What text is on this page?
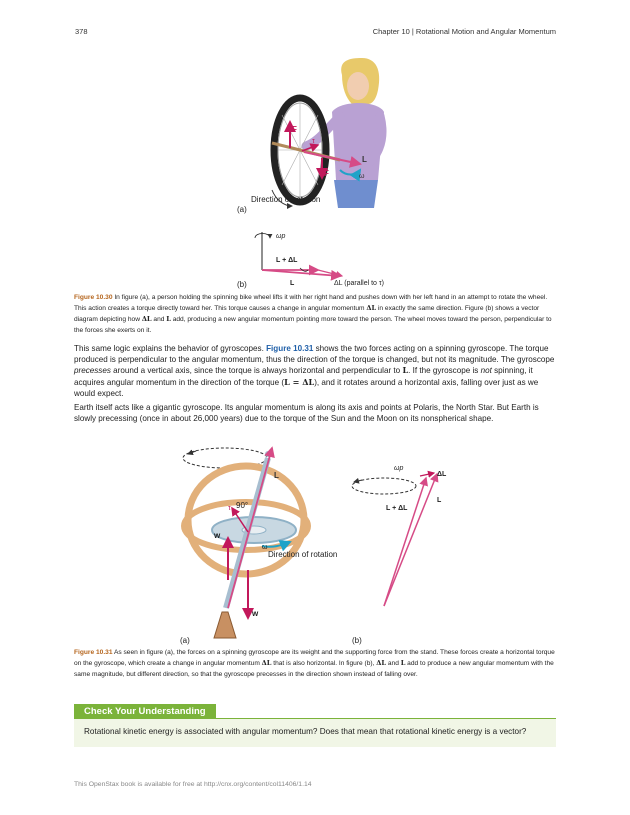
378	Chapter 10 | Rotational Motion and Angular Momentum
F
τ
F
L
ω
Direction of rotation
(a)
ωp
L + ΔL
L	ΔL (parallel to τ)
(b)
Figure 10.30 In figure (a), a person holding the spinning bike wheel lifts it with her right hand and pushes down with her left hand in an attempt to rotate the wheel. This action creates a torque directly toward her. This torque causes a change in angular momentum ΔL in exactly the same direction. Figure (b) shows a vector diagram depicting how ΔL and L add, producing a new angular momentum pointing more toward the person. The wheel moves toward the person, perpendicular to the forces she exerts on it.
This same logic explains the behavior of gyroscopes. Figure 10.31 shows the two forces acting on a spinning gyroscope. The torque produced is perpendicular to the angular momentum, thus the direction of the torque is changed, but not its magnitude. The gyroscope precesses around a vertical axis, since the torque is always horizontal and perpendicular to L. If the gyroscope is not spinning, it acquires angular momentum in the direction of the torque (L = ΔL), and it rotates around a horizontal axis, falling over just as we would expect.
Earth itself acts like a gigantic gyroscope. Its angular momentum is along its axis and points at Polaris, the North Star. But Earth is slowly precessing (once in about 26,000 years) due to the torque of the Sun and the Moon on its nonspherical shape.
L
τ 90°
w
ω
Direction of rotation
w
(a)
ωp
ΔL
L
L + ΔL
(b)
Figure 10.31 As seen in figure (a), the forces on a spinning gyroscope are its weight and the supporting force from the stand. These forces create a horizontal torque on the gyroscope, which create a change in angular momentum ΔL that is also horizontal. In figure (b), ΔL and L add to produce a new angular momentum with the same magnitude, but different direction, so that the gyroscope precesses in the direction shown instead of falling over.
Check Your Understanding
Rotational kinetic energy is associated with angular momentum? Does that mean that rotational kinetic energy is a vector?
This OpenStax book is available for free at http://cnx.org/content/col11406/1.14
